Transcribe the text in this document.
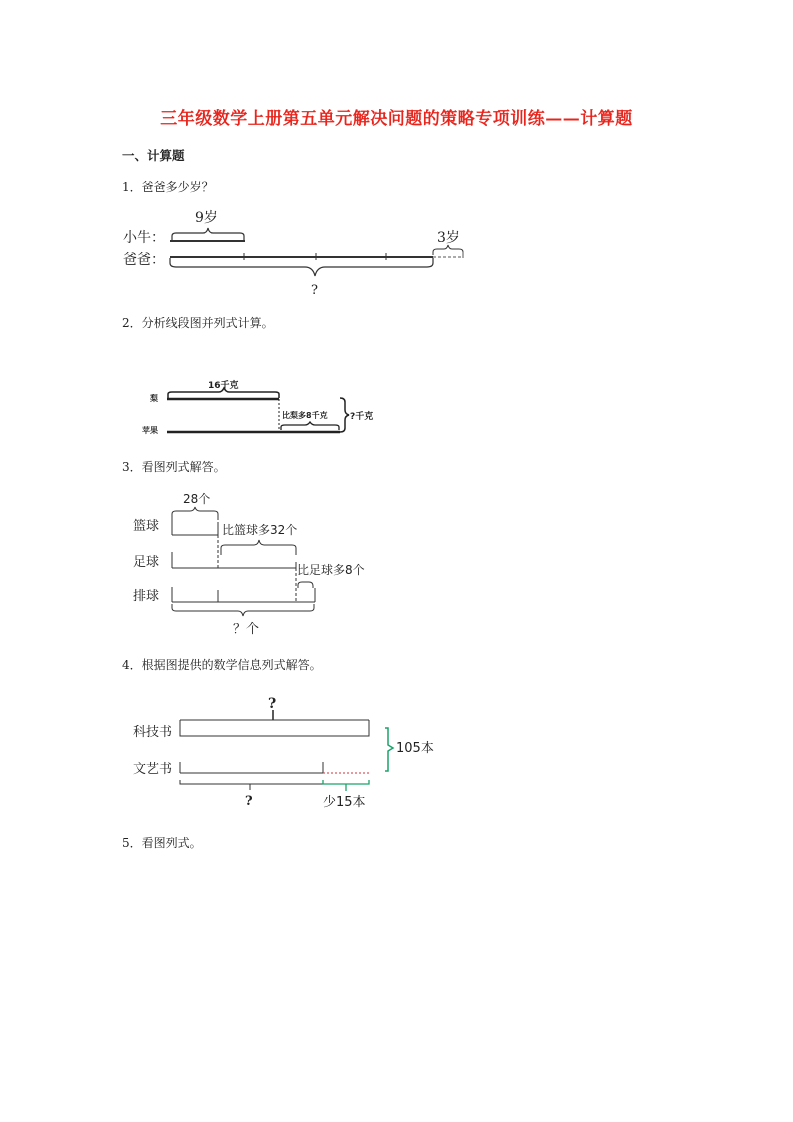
三年级数学上册第五单元解决问题的策略专项训练——计算题
一、计算题
1．爸爸多少岁？
2．分析线段图并列式计算。
3．看图列式解答。
4．根据图提供的数学信息列式解答。
5．看图列式。
小牛：
爸爸：
9岁
3岁
?
梨
苹果
16千克
比梨多8千克 ?千克
篮球
足球
排球
28个
比篮球多32个
比足球多8个
？个
科技书
文艺书
?
?	少15本
105本
